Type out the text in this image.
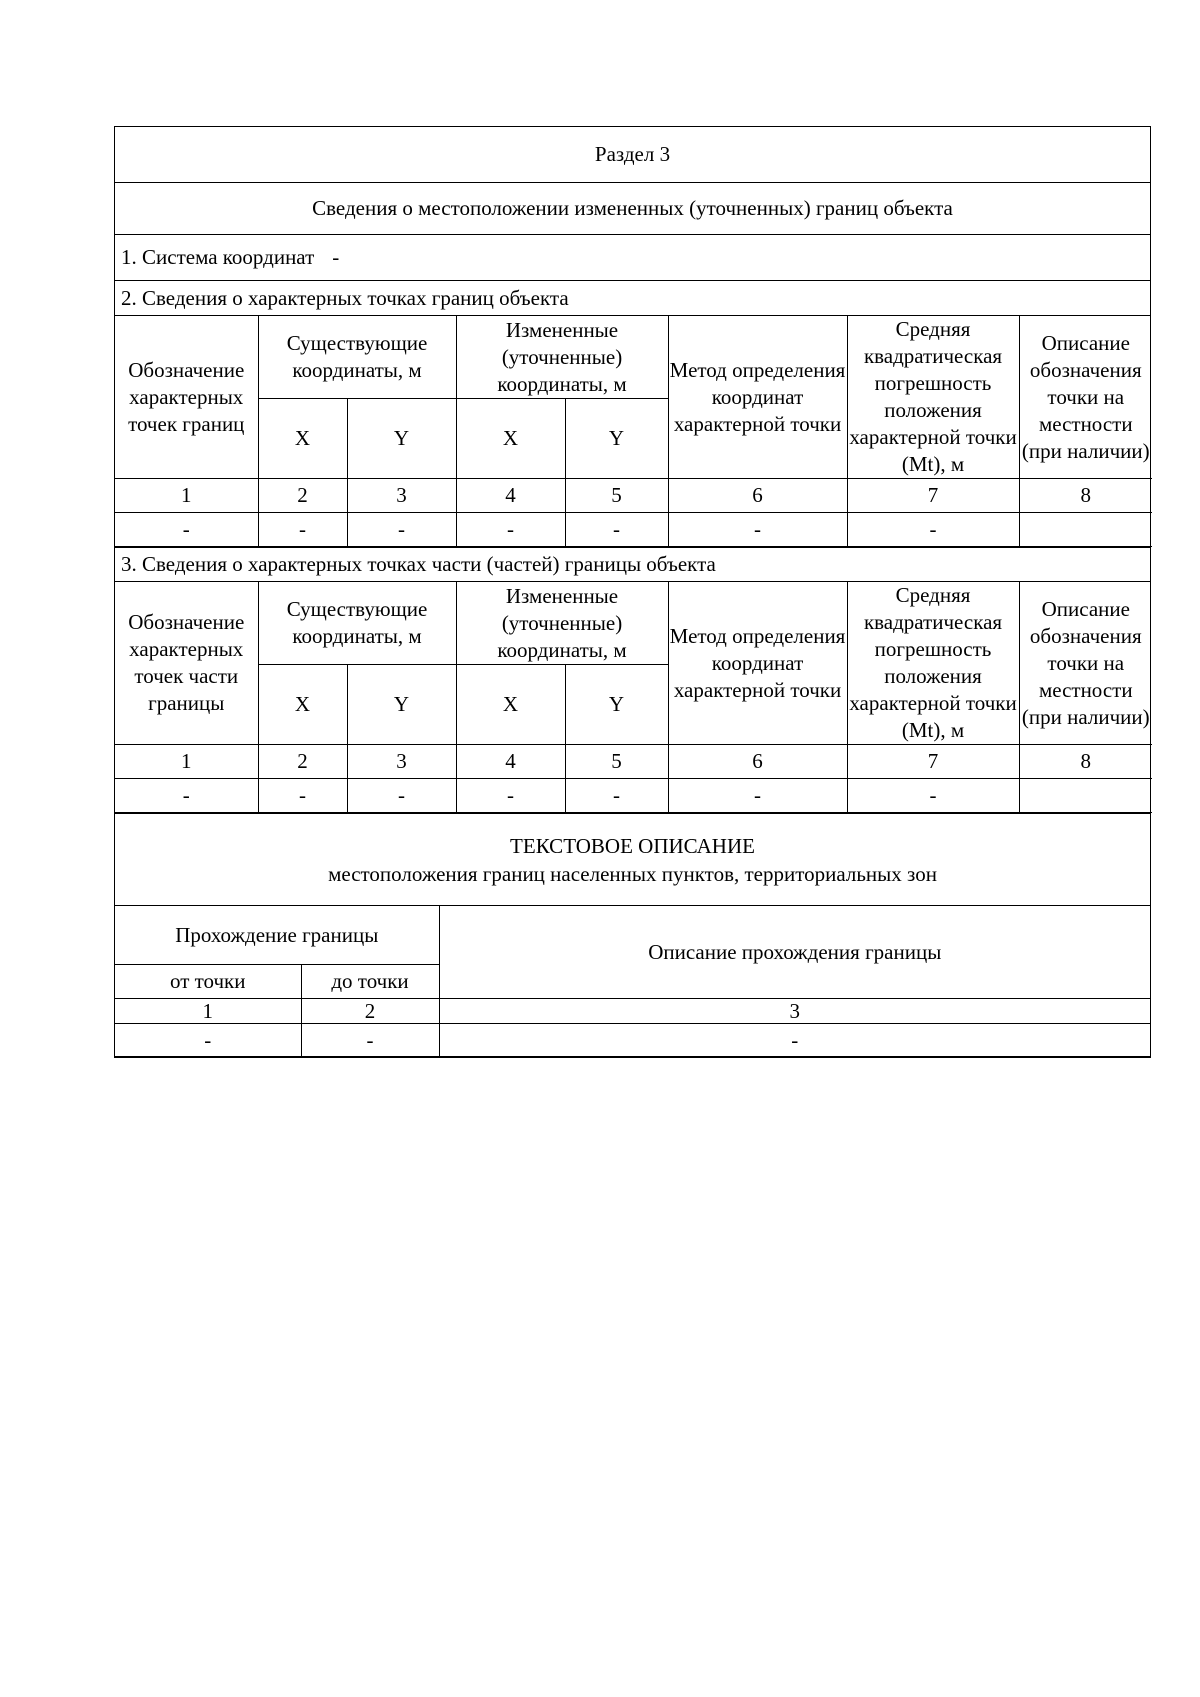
Раздел 3
Сведения о местоположении измененных (уточненных) границ объекта
1. Система координат -
2. Сведения о характерных точках границ объекта
Обозначение характерных точек границ	Существующие координаты, м		Измененные (уточненные) координаты, м		Метод определения координат характерной точки	Средняя квадратическая погрешность положения характерной точки (Mt), м	Описание обозначения точки на местности (при наличии)
	X	Y	X	Y			
1	2	3	4	5	6	7	8
-	-	-	-	-	-	-	
3. Сведения о характерных точках части (частей) границы объекта
Обозначение характерных точек части границы	Существующие координаты, м		Измененные (уточненные) координаты, м		Метод определения координат характерной точки	Средняя квадратическая погрешность положения характерной точки (Mt), м	Описание обозначения точки на местности (при наличии)
	X	Y	X	Y			
1	2	3	4	5	6	7	8
-	-	-	-	-	-	-	
ТЕКСТОВОЕ ОПИСАНИЕ
местоположения границ населенных пунктов, территориальных зон
Прохождение границы		Описание прохождения границы
от точки	до точки	
1	2	3
-	-	-
